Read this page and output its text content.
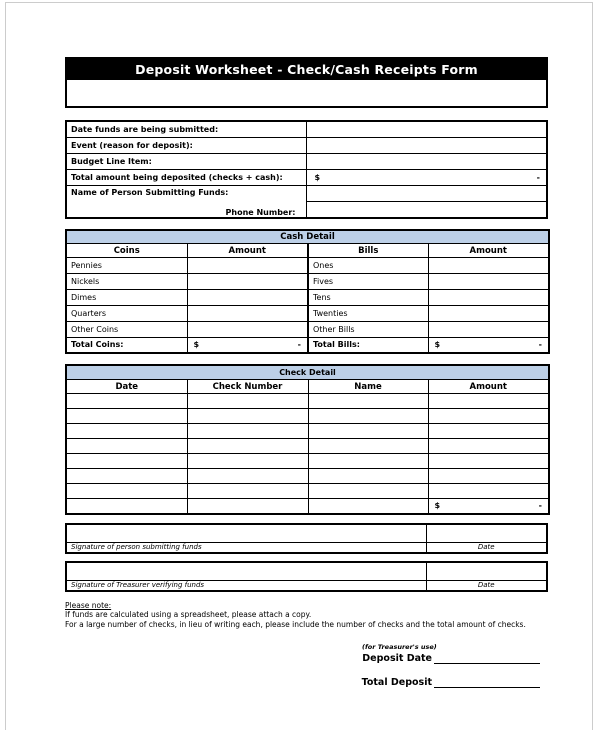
Deposit Worksheet - Check/Cash Receipts Form
Date funds are being submitted:	
Event (reason for deposit):	
Budget Line Item:	
Total amount being deposited (checks + cash):	$ -

Name of Person Submitting Funds:
Phone Number:	

Cash Detail			
Coins	Amount	Bills	Amount
Pennies		Ones	
Nickels		Fives	
Dimes		Tens	
Quarters		Twenties	
Other Coins		Other Bills	
Total Coins:	$ -	Total Bills:	$ -
Check Detail			
Date	Check Number	Name	Amount

			$ -

Signature of person submitting funds	Date

Signature of Treasurer verifying funds	Date
Please note:
If funds are calculated using a spreadsheet, please attach a copy.
For a large number of checks, in lieu of writing each, please include the number of checks and the total amount of checks.
(for Treasurer's use)
Deposit Date
Total Deposit
